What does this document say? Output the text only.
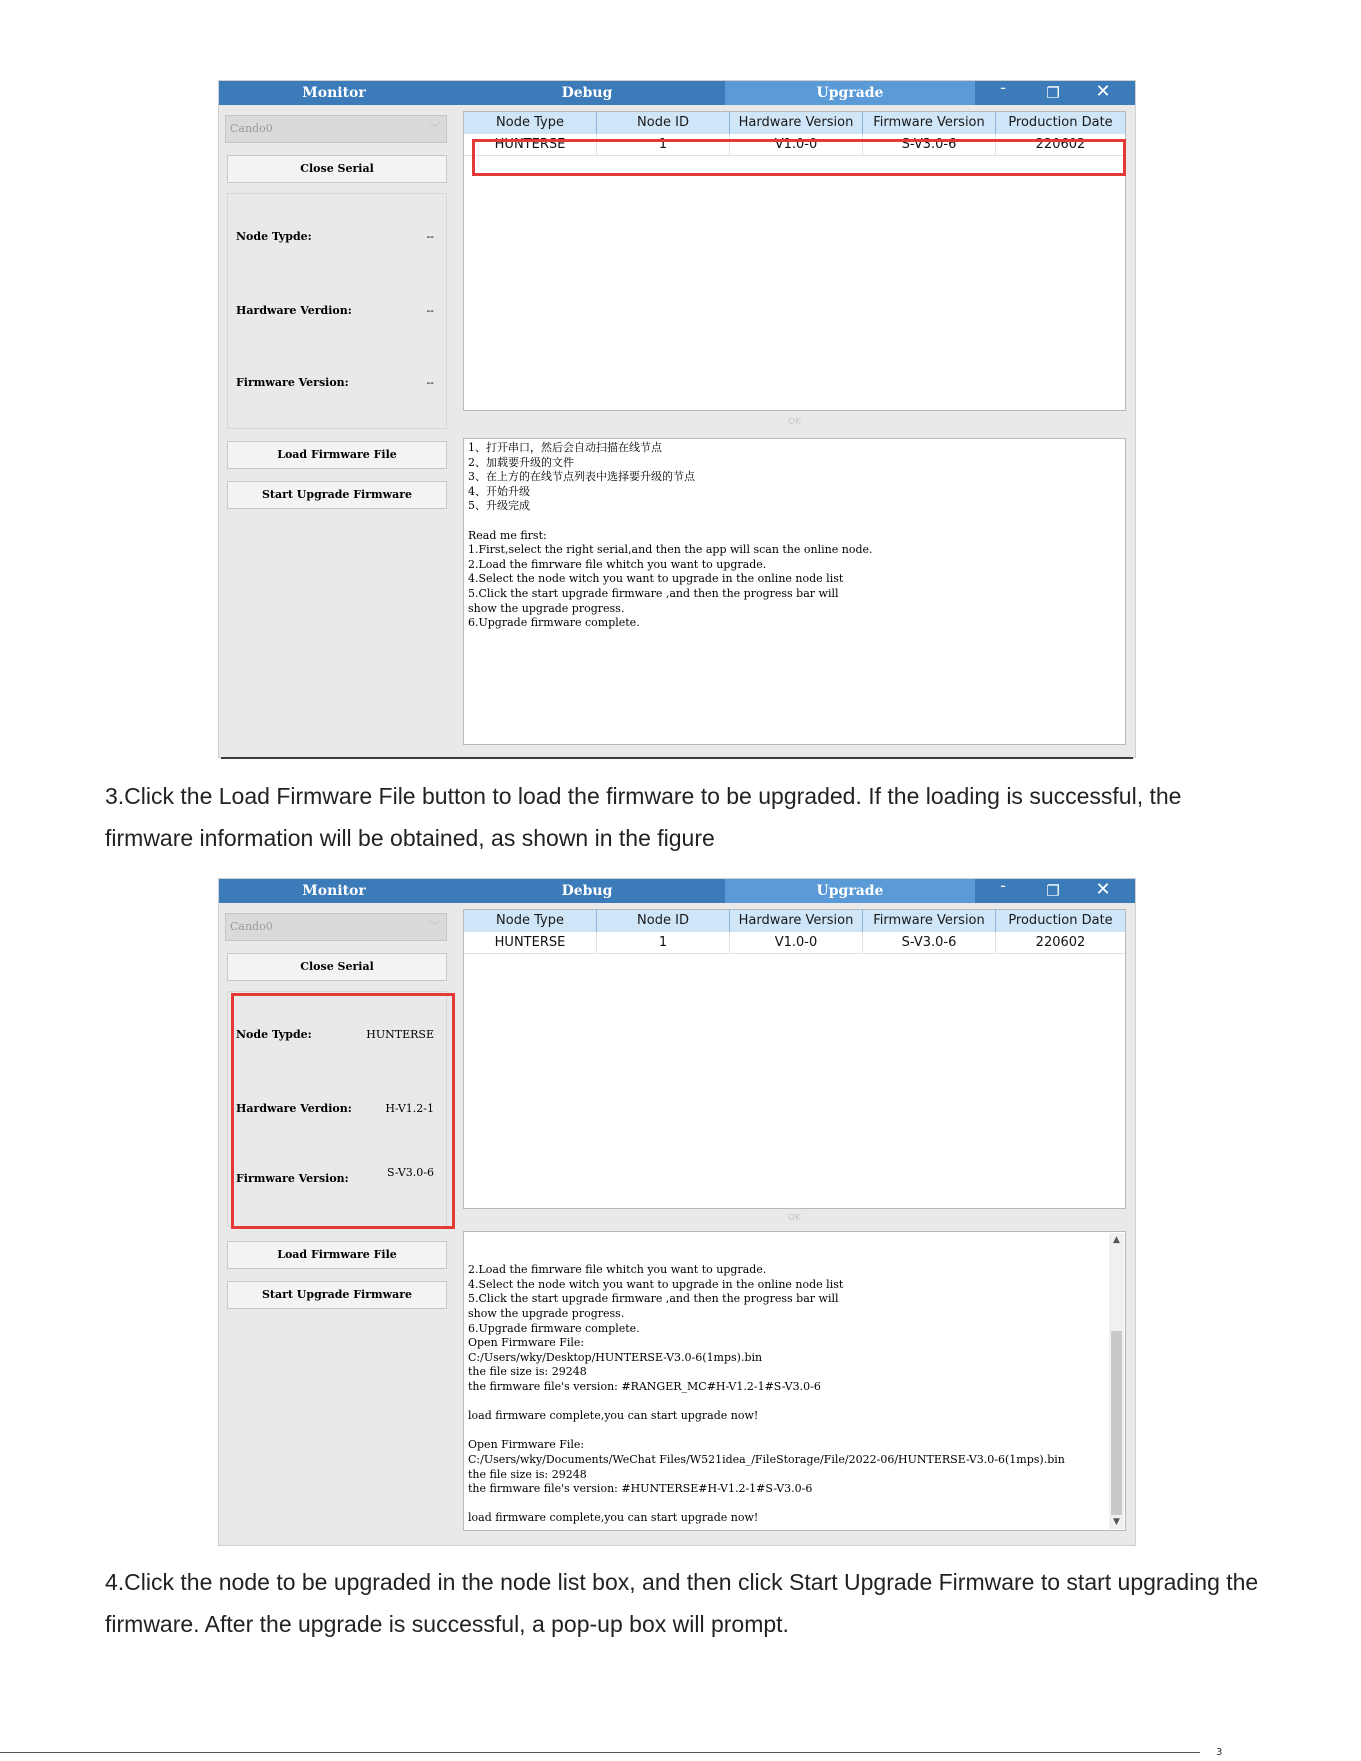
Monitor	Debug	Upgrade	-	❐	✕
Cando0	﹀
Close Serial
Node Typde:	--
Hardware Verdion:	--
Firmware Version:	--
Load Firmware File
Start Upgrade Firmware
Node Type	Node ID	Hardware Version	Firmware Version	Production Date
HUNTERSE	1	V1.0-0	S-V3.0-6	220602
OK
1、打开串口，然后会自动扫描在线节点
2、加载要升级的文件
3、在上方的在线节点列表中选择要升级的节点
4、开始升级
5、升级完成

Read me first:
1.First,select the right serial,and then the app will scan the online node.
2.Load the fimrware file whitch you want to upgrade.
4.Select the node witch you want to upgrade in the online node list
5.Click the start upgrade firmware ,and then the progress bar will
show the upgrade progress.
6.Upgrade firmware complete.
3.Click the Load Firmware File button to load the firmware to be upgraded. If the loading is successful, the firmware information will be obtained, as shown in the figure
Monitor	Debug	Upgrade	-	❐	✕
Cando0	﹀
Close Serial
Node Typde:	HUNTERSE
Hardware Verdion:	H-V1.2-1
Firmware Version:	S-V3.0-6
Load Firmware File
Start Upgrade Firmware
Node Type	Node ID	Hardware Version	Firmware Version	Production Date
HUNTERSE	1	V1.0-0	S-V3.0-6	220602
OK

2.Load the fimrware file whitch you want to upgrade.
4.Select the node witch you want to upgrade in the online node list
5.Click the start upgrade firmware ,and then the progress bar will
show the upgrade progress.
6.Upgrade firmware complete.
Open Firmware File:
C:/Users/wky/Desktop/HUNTERSE-V3.0-6(1mps).bin
the file size is: 29248
the firmware file's version: #RANGER_MC#H-V1.2-1#S-V3.0-6

load firmware complete,you can start upgrade now!

Open Firmware File:
C:/Users/wky/Documents/WeChat Files/W521idea_/FileStorage/File/2022-06/HUNTERSE-V3.0-6(1mps).bin
the file size is: 29248
the firmware file's version: #HUNTERSE#H-V1.2-1#S-V3.0-6

load firmware complete,you can start upgrade now!

▲

▼

4.Click the node to be upgraded in the node list box, and then click Start Upgrade Firmware to start upgrading the firmware. After the upgrade is successful, a pop-up box will prompt.
3
